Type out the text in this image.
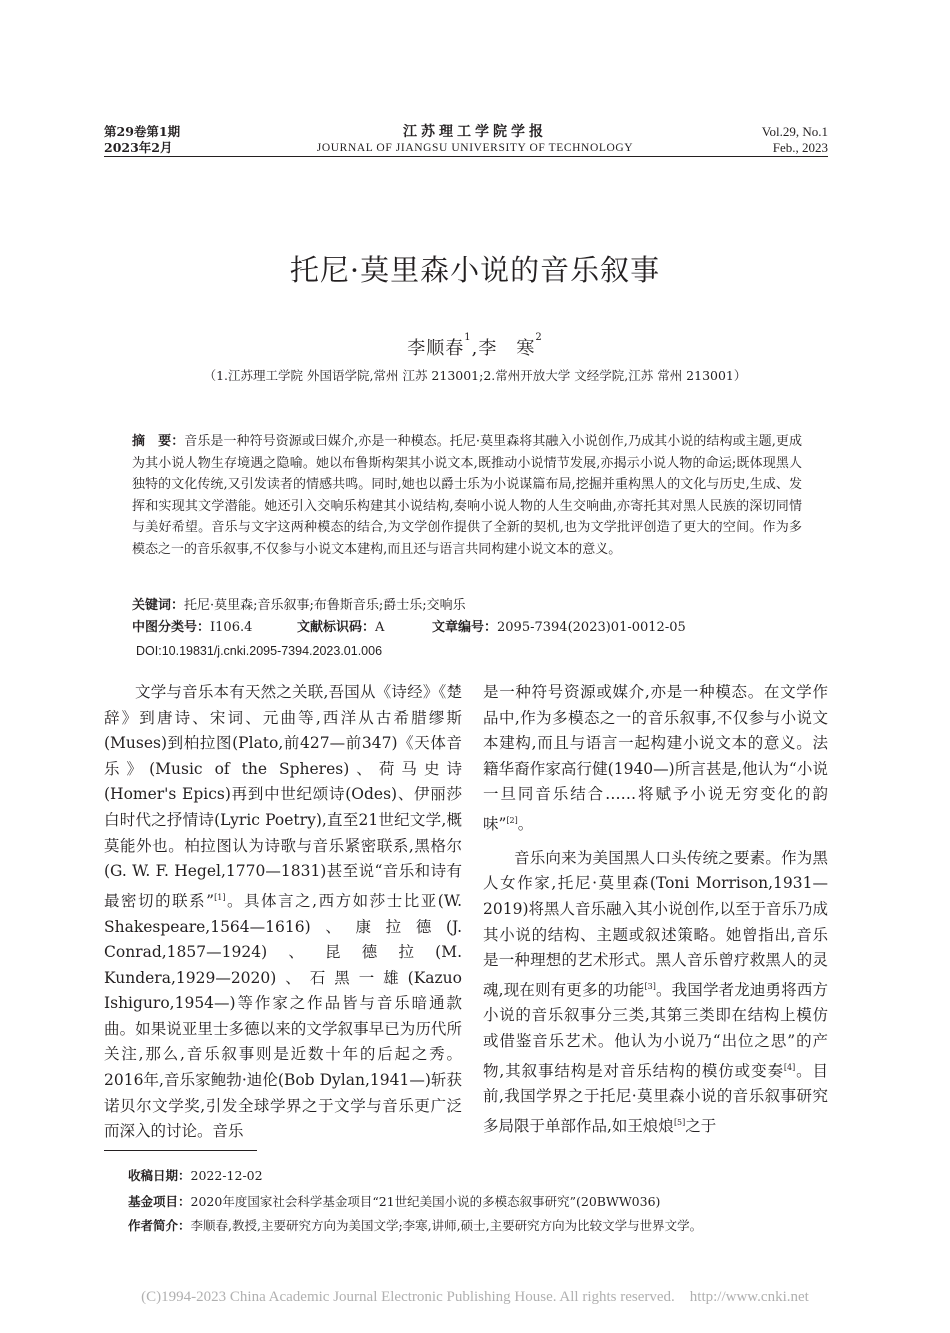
第29卷第1期
2023年2月
江苏理工学院学报
JOURNAL OF JIANGSU UNIVERSITY OF TECHNOLOGY
Vol.29, No.1
Feb., 2023
托尼·莫里森小说的音乐叙事
李顺春$^1$,李　寒$^2$
（1.江苏理工学院 外国语学院,常州 江苏 213001;2.常州开放大学 文经学院,江苏 常州 213001）
摘　要：音乐是一种符号资源或曰媒介,亦是一种模态。托尼·莫里森将其融入小说创作,乃成其小说的结构或主题,更成为其小说人物生存境遇之隐喻。她以布鲁斯构架其小说文本,既推动小说情节发展,亦揭示小说人物的命运;既体现黑人独特的文化传统,又引发读者的情感共鸣。同时,她也以爵士乐为小说谋篇布局,挖掘并重构黑人的文化与历史,生成、发挥和实现其文学潜能。她还引入交响乐构建其小说结构,奏响小说人物的人生交响曲,亦寄托其对黑人民族的深切同情与美好希望。音乐与文字这两种模态的结合,为文学创作提供了全新的契机,也为文学批评创造了更大的空间。作为多模态之一的音乐叙事,不仅参与小说文本建构,而且还与语言共同构建小说文本的意义。
关键词：托尼·莫里森;音乐叙事;布鲁斯音乐;爵士乐;交响乐
中图分类号：I106.4	文献标识码：A	文章编号：2095-7394(2023)01-0012-05
DOI:10.19831/j.cnki.2095-7394.2023.01.006

文学与音乐本有天然之关联,吾国从《诗经》《楚辞》到唐诗、宋词、元曲等,西洋从古希腊缪斯(Muses)到柏拉图(Plato,前427—前347)《天体音乐》(Music of the Spheres)、荷马史诗(Homer's Epics)再到中世纪颂诗(Odes)、伊丽莎白时代之抒情诗(Lyric Poetry),直至21世纪文学,概莫能外也。柏拉图认为诗歌与音乐紧密联系,黑格尔(G. W. F. Hegel,1770—1831)甚至说“音乐和诗有最密切的联系”[1]。具体言之,西方如莎士比亚(W. Shakespeare,1564—1616)、康拉德(J. Conrad,1857—1924)、昆德拉(M. Kundera,1929—2020)、石黑一雄(Kazuo Ishiguro,1954—)等作家之作品皆与音乐暗通款曲。如果说亚里士多德以来的文学叙事早已为历代所关注,那么,音乐叙事则是近数十年的后起之秀。2016年,音乐家鲍勃·迪伦(Bob Dylan,1941—)斩获诺贝尔文学奖,引发全球学界之于文学与音乐更广泛而深入的讨论。音乐

是一种符号资源或媒介,亦是一种模态。在文学作品中,作为多模态之一的音乐叙事,不仅参与小说文本建构,而且与语言一起构建小说文本的意义。法籍华裔作家高行健(1940—)所言甚是,他认为“小说一旦同音乐结合……将赋予小说无穷变化的韵味”[2]。

音乐向来为美国黑人口头传统之要素。作为黑人女作家,托尼·莫里森(Toni Morrison,1931—2019)将黑人音乐融入其小说创作,以至于音乐乃成其小说的结构、主题或叙述策略。她曾指出,音乐是一种理想的艺术形式。黑人音乐曾疗救黑人的灵魂,现在则有更多的功能[3]。我国学者龙迪勇将西方小说的音乐叙事分三类,其第三类即在结构上模仿或借鉴音乐艺术。他认为小说乃“出位之思”的产物,其叙事结构是对音乐结构的模仿或变奏[4]。目前,我国学界之于托尼·莫里森小说的音乐叙事研究多局限于单部作品,如王烺烺[5]之于

收稿日期：2022-12-02
基金项目：2020年度国家社会科学基金项目“21世纪美国小说的多模态叙事研究”(20BWW036)
作者简介：李顺春,教授,主要研究方向为美国文学;李寒,讲师,硕士,主要研究方向为比较文学与世界文学。
(C)1994-2023 China Academic Journal Electronic Publishing House. All rights reserved.    http://www.cnki.net
